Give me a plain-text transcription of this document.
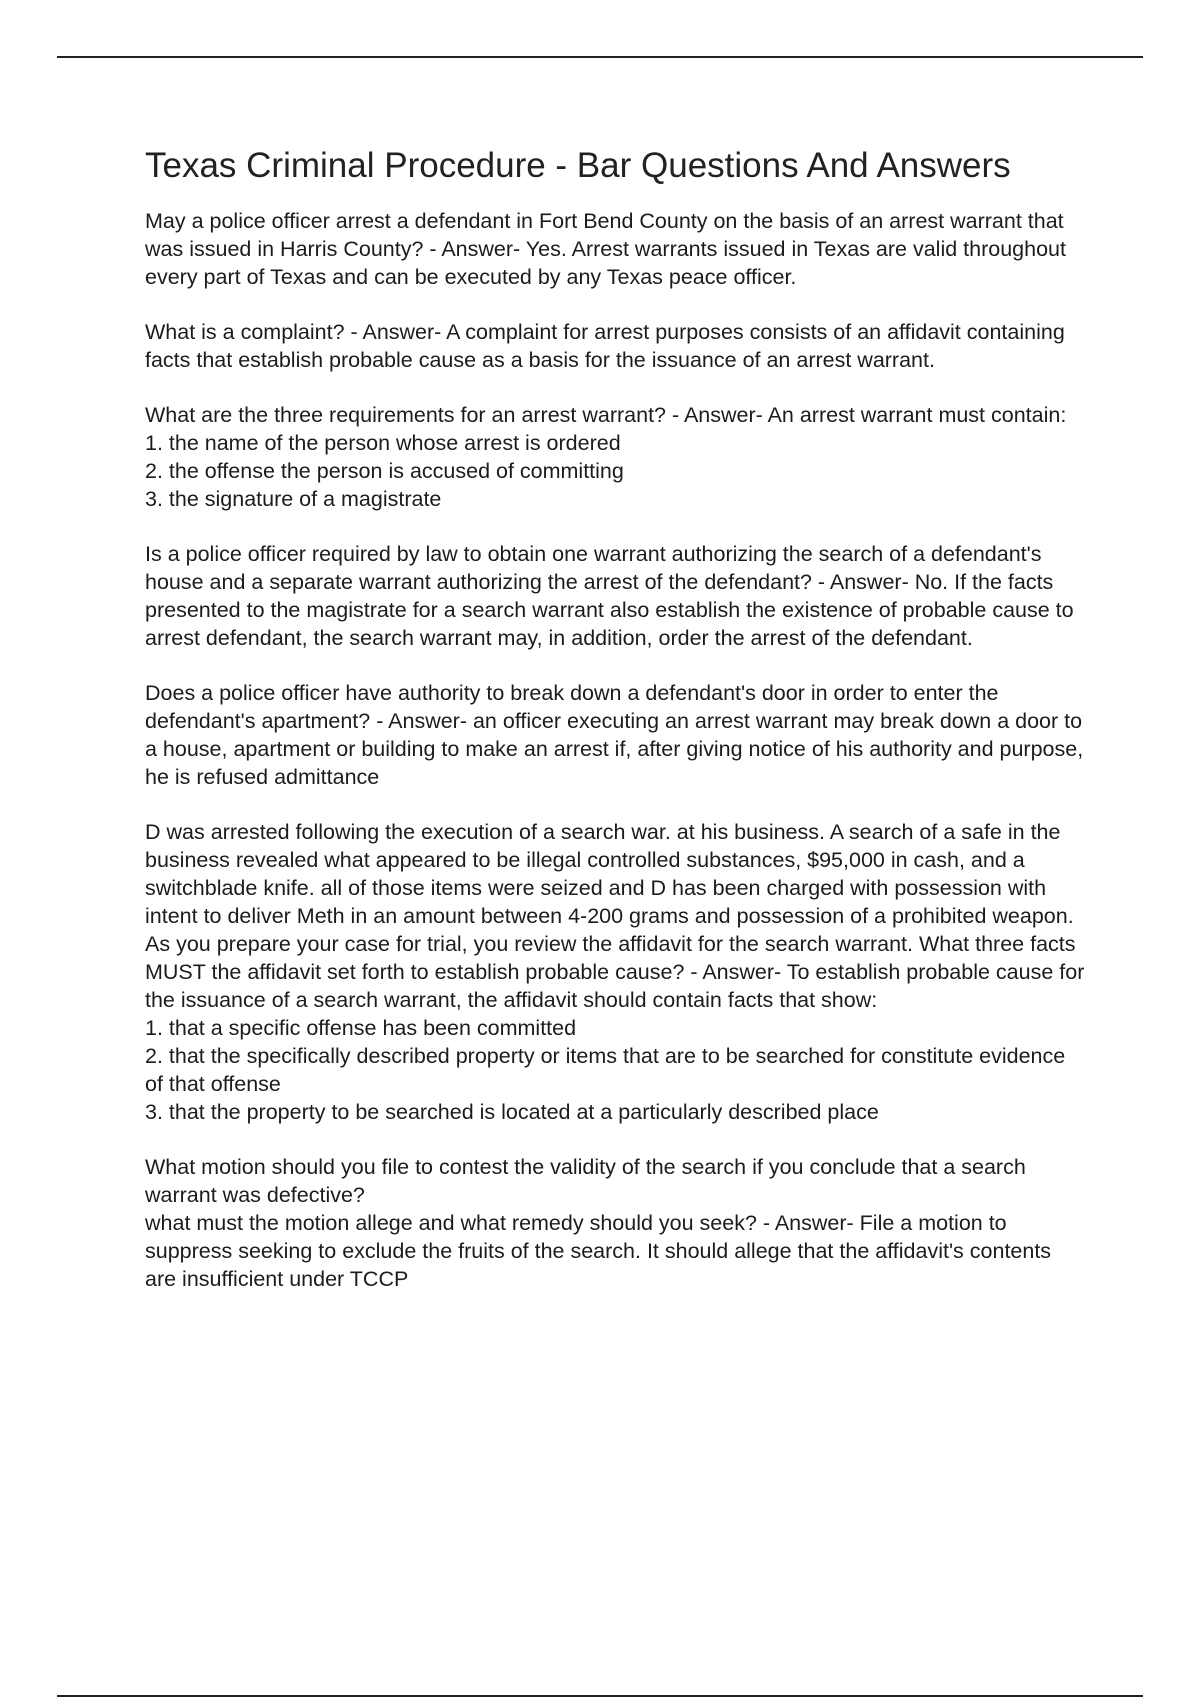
Texas Criminal Procedure - Bar Questions And Answers

May a police officer arrest a defendant in Fort Bend County on the basis of an arrest warrant that was issued in Harris County? - Answer- Yes. Arrest warrants issued in Texas are valid throughout every part of Texas and can be executed by any Texas peace officer.

What is a complaint? - Answer- A complaint for arrest purposes consists of an affidavit containing facts that establish probable cause as a basis for the issuance of an arrest warrant.

What are the three requirements for an arrest warrant? - Answer- An arrest warrant must contain:
1. the name of the person whose arrest is ordered
2. the offense the person is accused of committing
3. the signature of a magistrate

Is a police officer required by law to obtain one warrant authorizing the search of a defendant's house and a separate warrant authorizing the arrest of the defendant? - Answer- No. If the facts presented to the magistrate for a search warrant also establish the existence of probable cause to arrest defendant, the search warrant may, in addition, order the arrest of the defendant.

Does a police officer have authority to break down a defendant's door in order to enter the defendant's apartment? - Answer- an officer executing an arrest warrant may break down a door to a house, apartment or building to make an arrest if, after giving notice of his authority and purpose, he is refused admittance

D was arrested following the execution of a search war. at his business. A search of a safe in the business revealed what appeared to be illegal controlled substances, $95,000 in cash, and a switchblade knife. all of those items were seized and D has been charged with possession with intent to deliver Meth in an amount between 4-200 grams and possession of a prohibited weapon. As you prepare your case for trial, you review the affidavit for the search warrant. What three facts MUST the affidavit set forth to establish probable cause? - Answer- To establish probable cause for the issuance of a search warrant, the affidavit should contain facts that show:
1. that a specific offense has been committed
2. that the specifically described property or items that are to be searched for constitute evidence of that offense
3. that the property to be searched is located at a particularly described place

What motion should you file to contest the validity of the search if you conclude that a search warrant was defective?
what must the motion allege and what remedy should you seek? - Answer- File a motion to suppress seeking to exclude the fruits of the search. It should allege that the affidavit's contents are insufficient under TCCP
